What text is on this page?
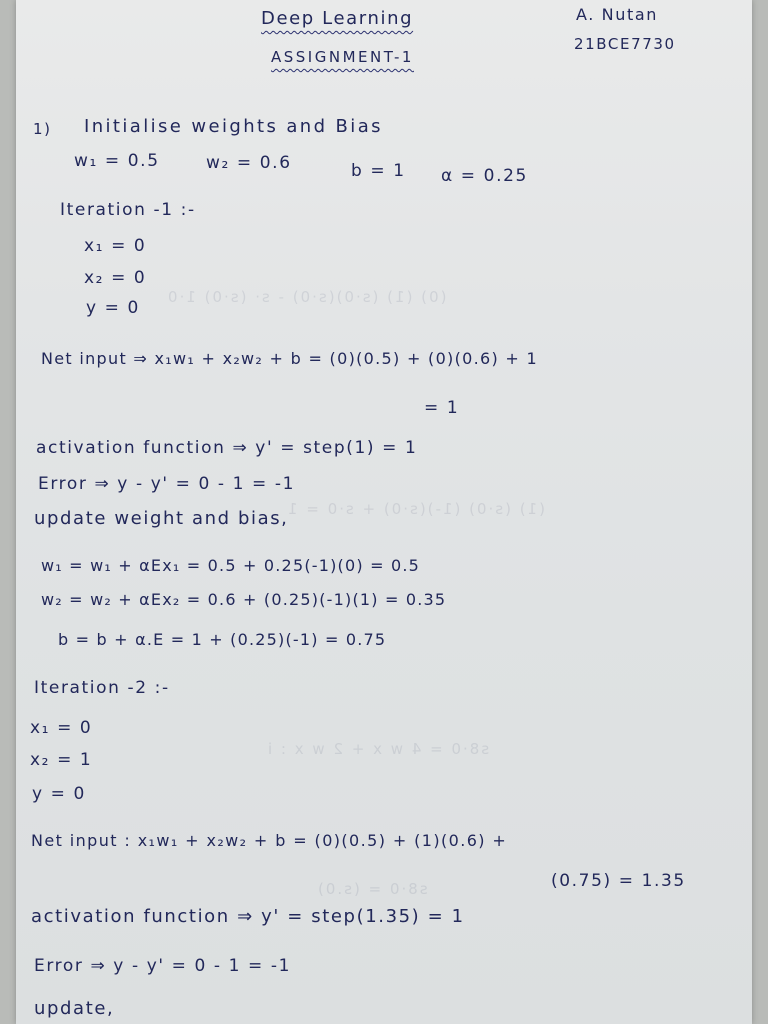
(0) (1) (s·0)(s·0) - s· (s·0) 1·0
(1) (s·0) (1-)(s·0) + s·0 = 1
s8·0 = 4 w x + 2 w x : i
s8·0 = (s.0)
Deep Learning
ASSIGNMENT-1
A. Nutan
21BCE7730
1) Initialise weights and Bias
w₁ = 0.5	w₂ = 0.6	b = 1 α = 0.25
Iteration -1 :-
x₁ = 0
x₂ = 0
y = 0
Net input ⇒ x₁w₁ + x₂w₂ + b = (0)(0.5) + (0)(0.6) + 1
= 1
activation function ⇒ y' = step(1) = 1
Error ⇒ y - y' = 0 - 1 = -1
update weight and bias,
w₁ = w₁ + αEx₁ = 0.5 + 0.25(-1)(0) = 0.5
w₂ = w₂ + αEx₂ = 0.6 + (0.25)(-1)(1) = 0.35
b = b + α.E = 1 + (0.25)(-1) = 0.75
Iteration -2 :-
x₁ = 0
x₂ = 1
y = 0
Net input : x₁w₁ + x₂w₂ + b = (0)(0.5) + (1)(0.6) +
(0.75) = 1.35
activation function ⇒ y' = step(1.35) = 1
Error ⇒ y - y' = 0 - 1 = -1
update,
